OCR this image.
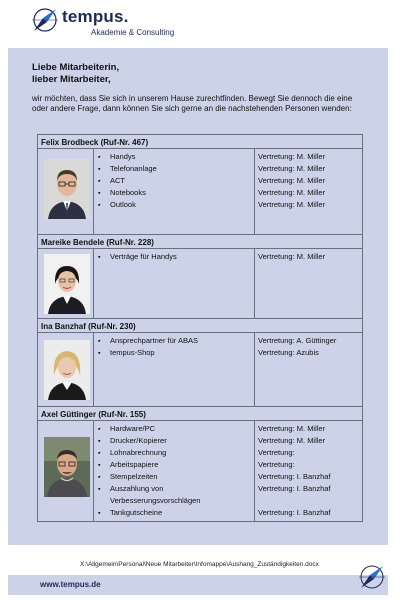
tempus.
Akademie & Consulting
Liebe Mitarbeiterin,
lieber Mitarbeiter,
wir möchten, dass Sie sich in unserem Hause zurechtfinden. Bewegt Sie dennoch die eine oder andere Frage, dann können Sie sich gerne an die nachstehenden Personen wenden:
Felix Brodbeck (Ruf-Nr. 467)
▪ Handys
▪ Telefonanlage
▪ ACT
▪ Notebooks
▪ Outlook
Vertretung: M. Miller
Vertretung: M. Miller
Vertretung: M. Miller
Vertretung: M. Miller
Vertretung: M. Miller
Mareike Bendele (Ruf-Nr. 228)
▪ Verträge für Handys	Vertretung: M. Miller
Ina Banzhaf (Ruf-Nr. 230)
▪ Ansprechpartner für ABAS
▪ tempus-Shop
Vertretung: A. Güttinger
Vertretung: Azubis
Axel Güttinger (Ruf-Nr. 155)
▪ Hardware/PC
▪ Drucker/Kopierer
▪ Lohnabrechnung
▪ Arbeitspapiere
▪ Stempelzeiten
▪ Auszahlung von
Verbesserungsvorschlägen
▪ Tankgutscheine
Vertretung: M. Miller
Vertretung: M. Miller
Vertretung:
Vertretung:
Vertretung: I. Banzhaf
Vertretung: I. Banzhaf
Vertretung: I. Banzhaf
X:\Allgemein\Personal\Neue Mitarbeiter\Infomappe\Aushang_Zuständigkeiten.docx
www.tempus.de
